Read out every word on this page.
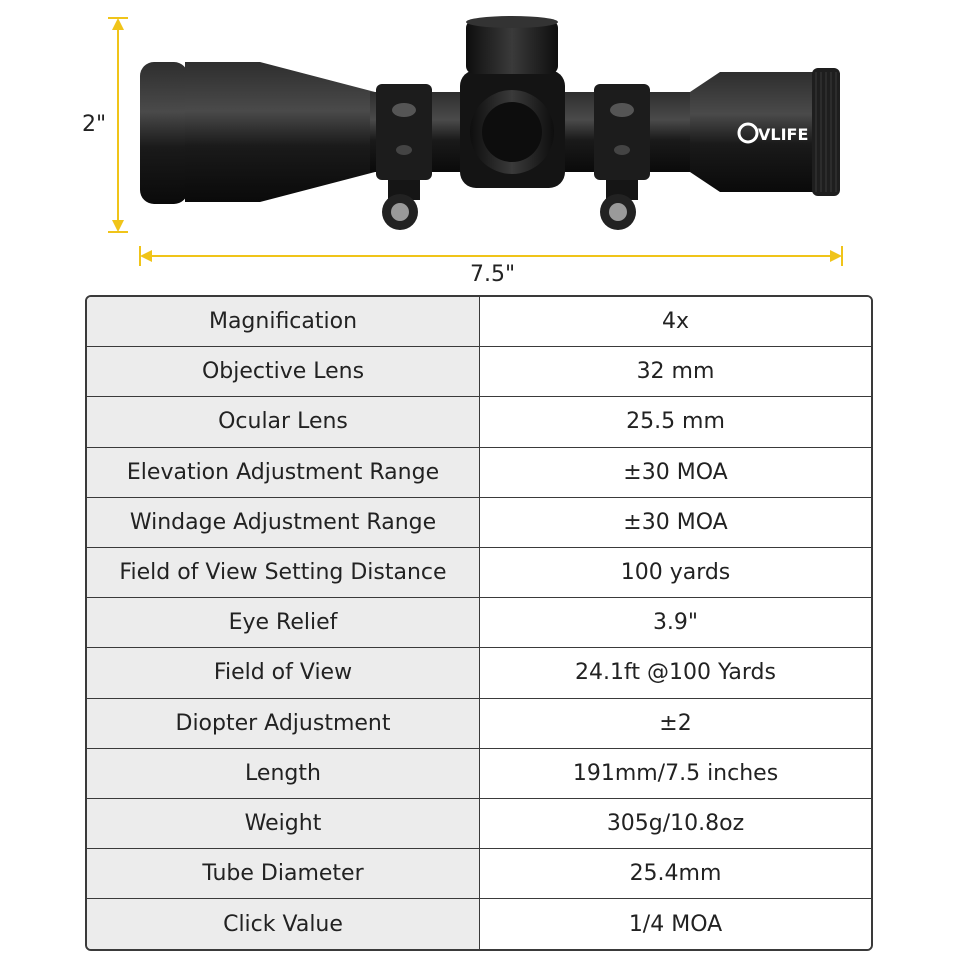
VLIFE
2"
7.5"
Magnification	4x
Objective Lens	32 mm
Ocular Lens	25.5 mm
Elevation Adjustment Range	±30 MOA
Windage Adjustment Range	±30 MOA
Field of View Setting Distance	100 yards
Eye Relief	3.9"
Field of View	24.1ft @100 Yards
Diopter Adjustment	±2
Length	191mm/7.5 inches
Weight	305g/10.8oz
Tube Diameter	25.4mm
Click Value	1/4 MOA
